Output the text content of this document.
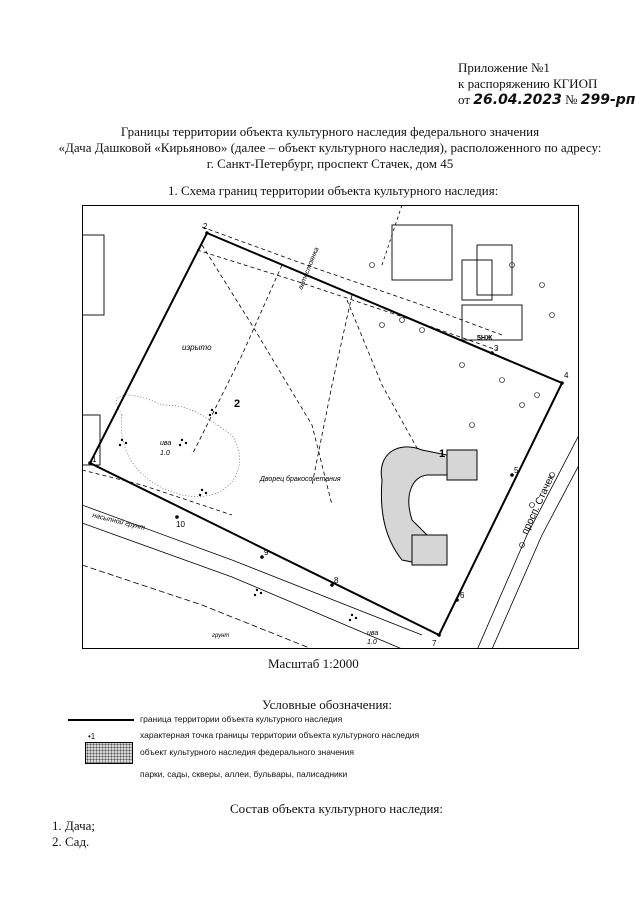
Приложение №1
к распоряжению КГИОП
от 26.04.2023 № 299-рп
Границы территории объекта культурного наследия федерального значения
«Дача Дашковой «Кирьяново» (далее – объект культурного наследия), расположенного по адресу:
г. Санкт-Петербург, проспект Стачек, дом 45
1. Схема границ территории объекта культурного наследия:
2
3
4
5
6
7
8
9
10
1
2
1
изрыто
ива
1.0
ива
1.0
Дворец бракосочетания	просп. Стачек
автостоянка
насыпной грунт
грунт
5НЖ
Масштаб 1:2000
Условные обозначения:
граница территории объекта культурного наследия
•1	характерная точка границы территории объекта культурного наследия
объект культурного наследия федерального значения
парки, сады, скверы, аллеи, бульвары, палисадники
Состав объекта культурного наследия:
1. Дача;
2. Сад.
